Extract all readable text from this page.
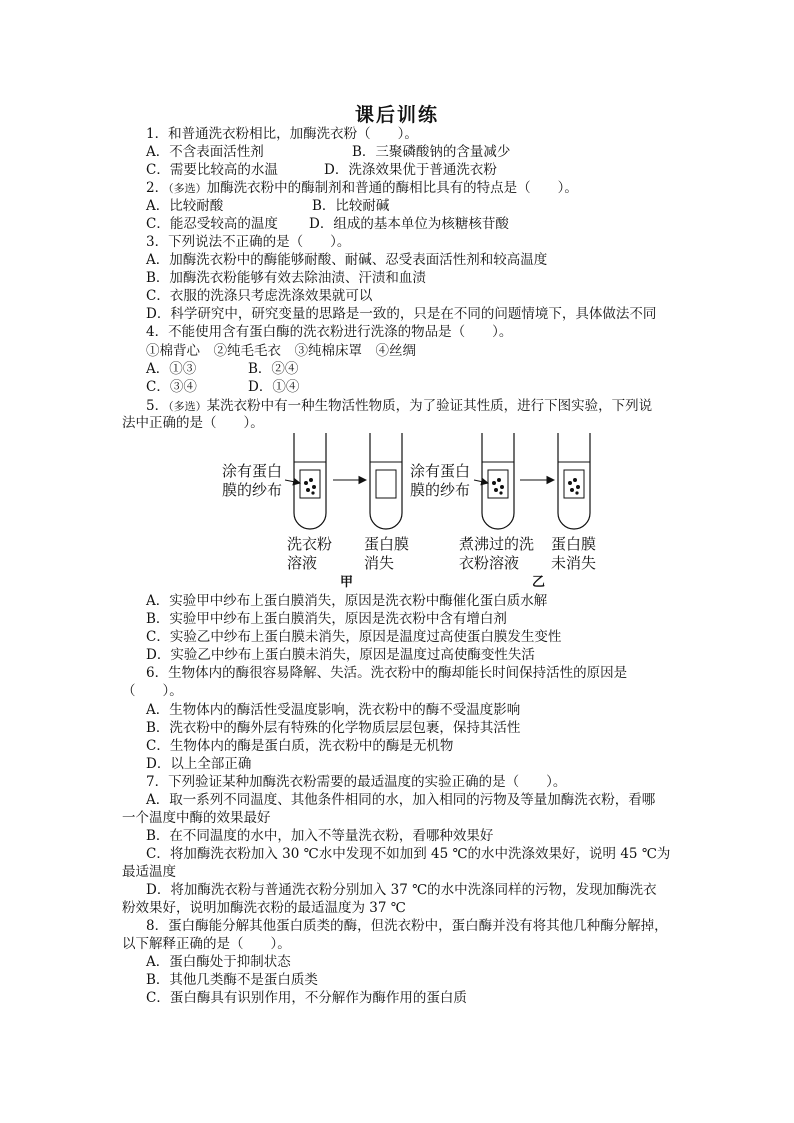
课后训练
1．和普通洗衣粉相比，加酶洗衣粉（　　）。
A．不含表面活性剂	B．三聚磷酸钠的含量减少
C．需要比较高的水温	D．洗涤效果优于普通洗衣粉
2．（多选）加酶洗衣粉中的酶制剂和普通的酶相比具有的特点是（　　）。
A．比较耐酸	B．比较耐碱
C．能忍受较高的温度 D．组成的基本单位为核糖核苷酸
3．下列说法不正确的是（　　）。
A．加酶洗衣粉中的酶能够耐酸、耐碱、忍受表面活性剂和较高温度
B．加酶洗衣粉能够有效去除油渍、汗渍和血渍
C．衣服的洗涤只考虑洗涤效果就可以
D．科学研究中，研究变量的思路是一致的，只是在不同的问题情境下，具体做法不同
4．不能使用含有蛋白酶的洗衣粉进行洗涤的物品是（　　）。
①棉背心　②纯毛毛衣　③纯棉床罩　④丝绸
A．①③	B．②④
C．③④	D．①④
5．（多选）某洗衣粉中有一种生物活性物质，为了验证其性质，进行下图实验，下列说
法中正确的是（　　）。
涂有蛋白
膜的纱布
涂有蛋白
膜的纱布
洗衣粉
溶液
蛋白膜
消失
煮沸过的洗
衣粉溶液
蛋白膜
未消失
甲	乙
A．实验甲中纱布上蛋白膜消失，原因是洗衣粉中酶催化蛋白质水解
B．实验甲中纱布上蛋白膜消失，原因是洗衣粉中含有增白剂
C．实验乙中纱布上蛋白膜未消失，原因是温度过高使蛋白膜发生变性
D．实验乙中纱布上蛋白膜未消失，原因是温度过高使酶变性失活
6．生物体内的酶很容易降解、失活。洗衣粉中的酶却能长时间保持活性的原因是
（　　）。
A．生物体内的酶活性受温度影响，洗衣粉中的酶不受温度影响
B．洗衣粉中的酶外层有特殊的化学物质层层包裹，保持其活性
C．生物体内的酶是蛋白质，洗衣粉中的酶是无机物
D．以上全部正确
7．下列验证某种加酶洗衣粉需要的最适温度的实验正确的是（　　）。
A．取一系列不同温度、其他条件相同的水，加入相同的污物及等量加酶洗衣粉，看哪
一个温度中酶的效果最好
B．在不同温度的水中，加入不等量洗衣粉，看哪种效果好
C．将加酶洗衣粉加入 30 ℃水中发现不如加到 45 ℃的水中洗涤效果好，说明 45 ℃为
最适温度
D．将加酶洗衣粉与普通洗衣粉分别加入 37 ℃的水中洗涤同样的污物，发现加酶洗衣
粉效果好，说明加酶洗衣粉的最适温度为 37 ℃
8．蛋白酶能分解其他蛋白质类的酶，但洗衣粉中，蛋白酶并没有将其他几种酶分解掉，
以下解释正确的是（　　）。
A．蛋白酶处于抑制状态
B．其他几类酶不是蛋白质类
C．蛋白酶具有识别作用，不分解作为酶作用的蛋白质
